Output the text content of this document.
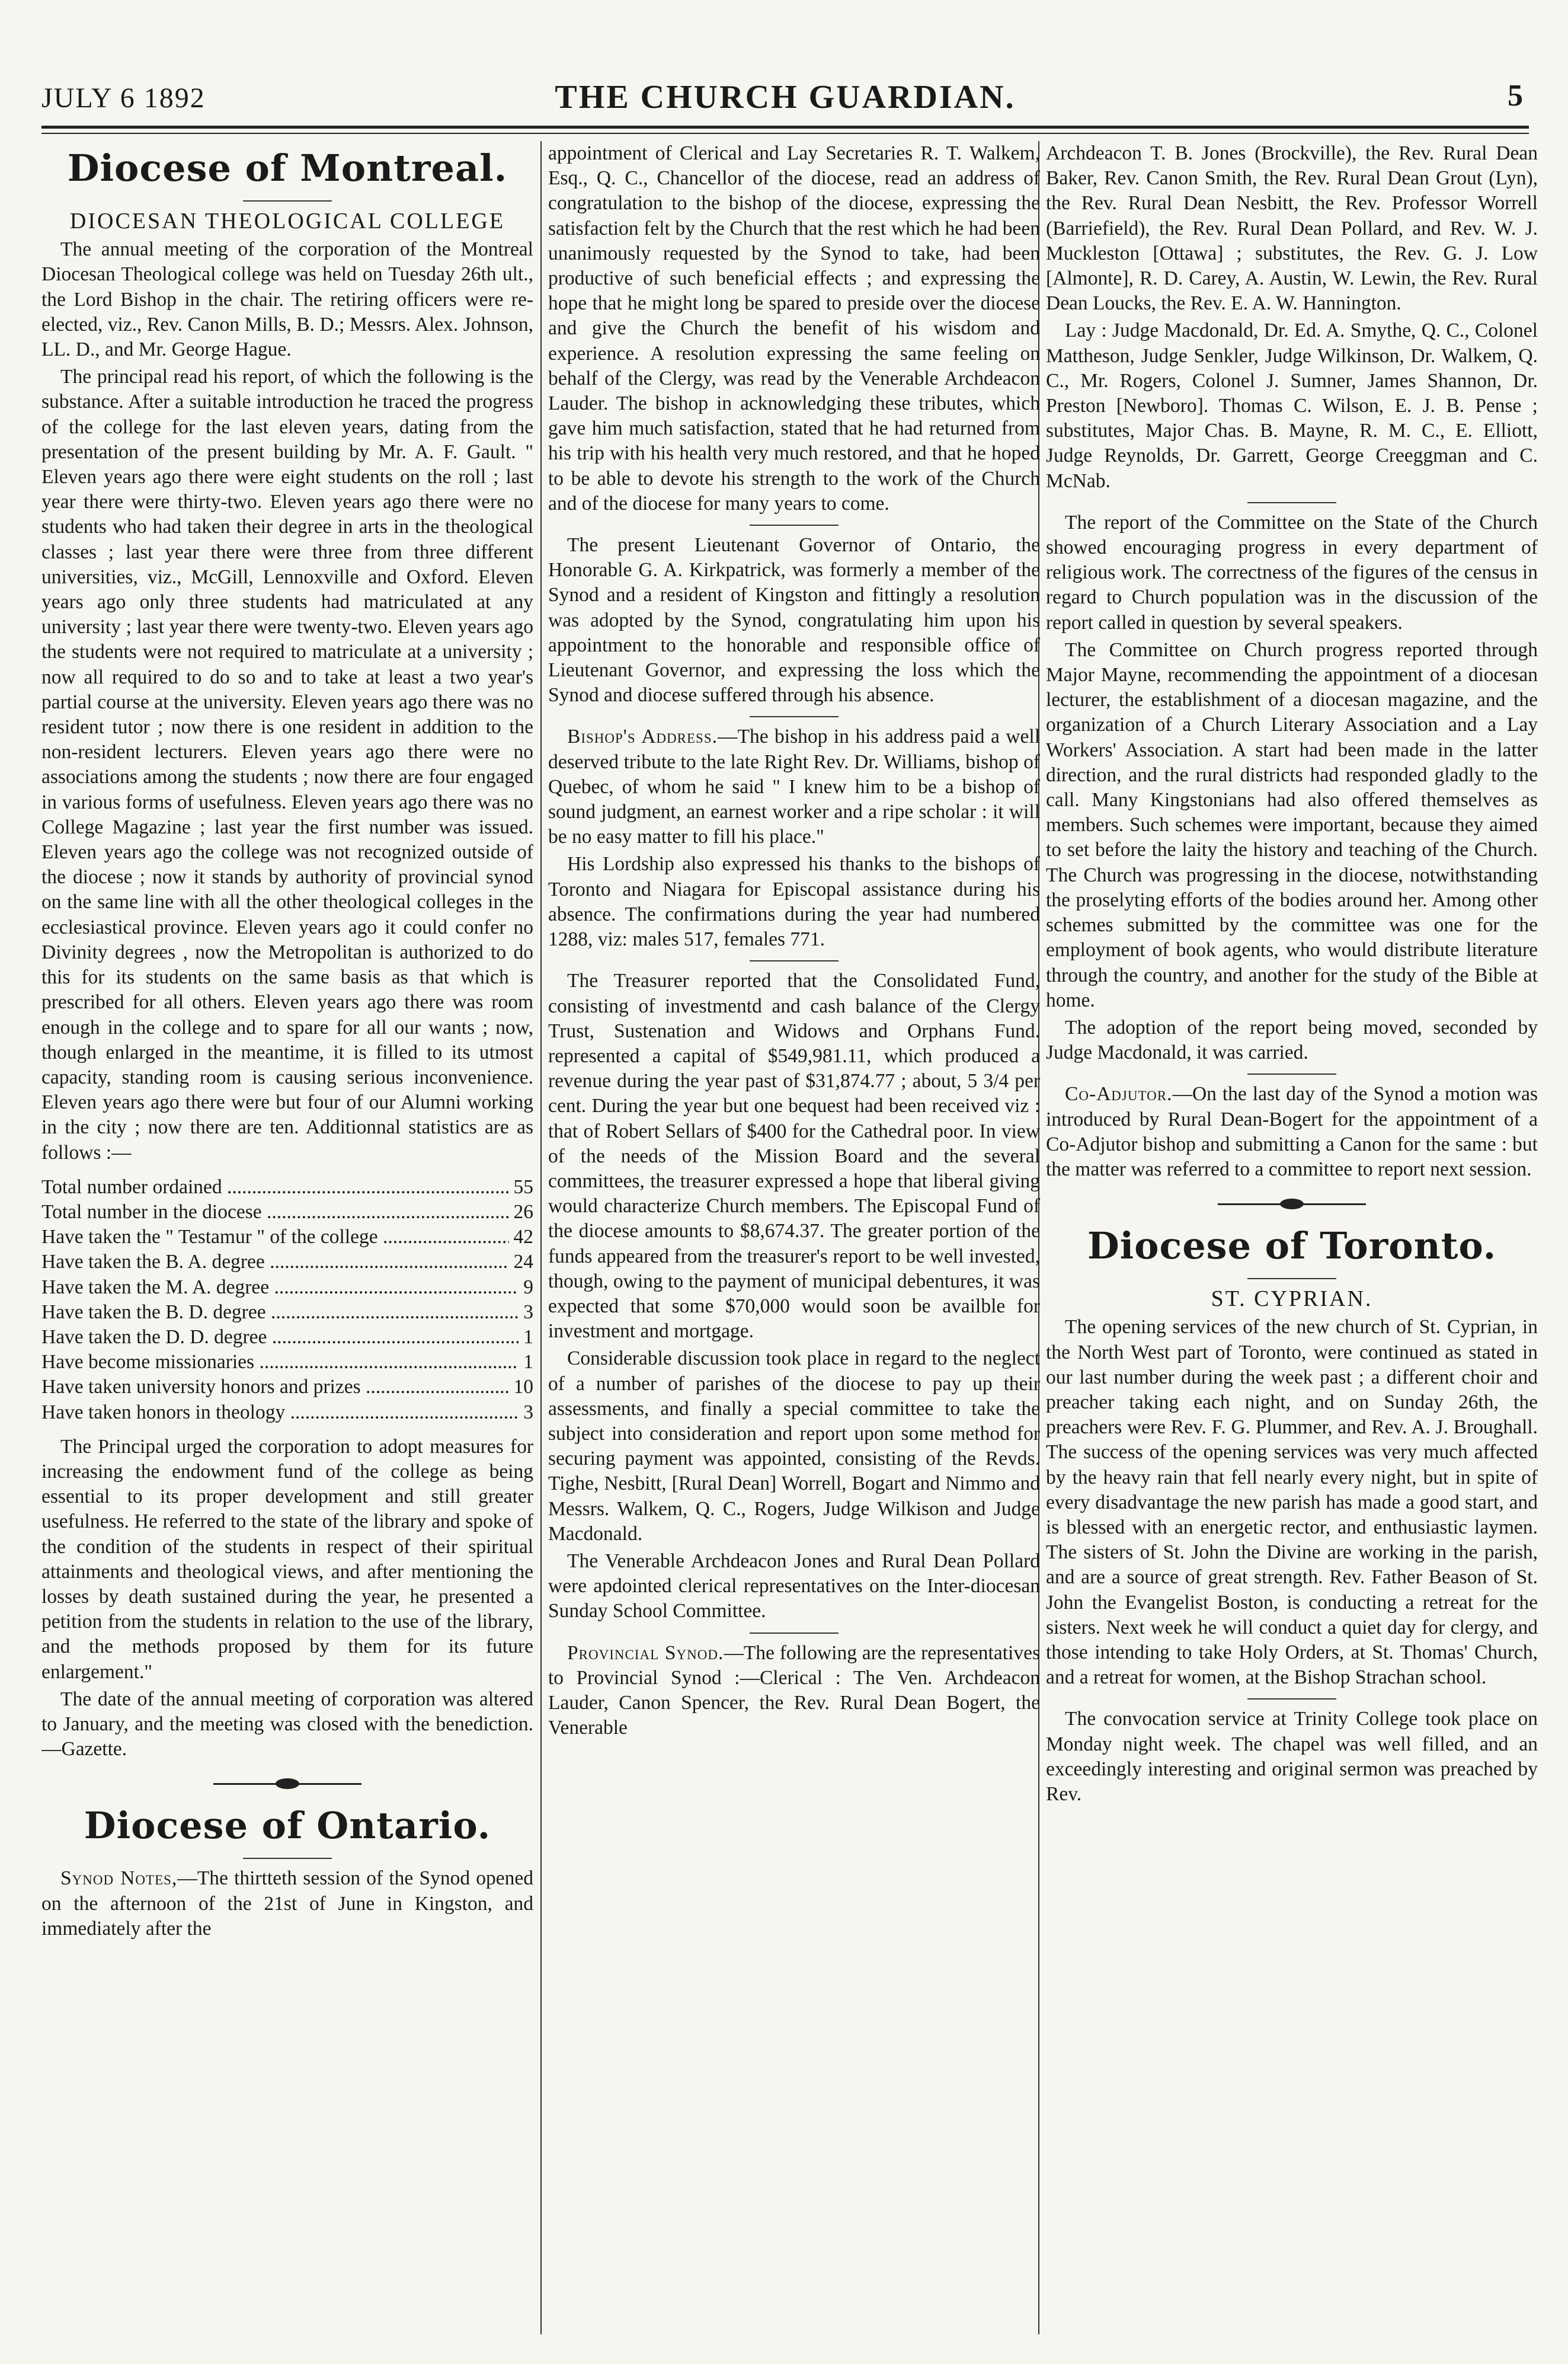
JULY 6 1892	THE CHURCH GUARDIAN.	5
Diocese of Montreal.
DIOCESAN THEOLOGICAL COLLEGE

The annual meeting of the corporation of the Montreal Diocesan Theological college was held on Tuesday 26th ult., the Lord Bishop in the chair. The retiring officers were re-elected, viz., Rev. Canon Mills, B. D.; Messrs. Alex. Johnson, LL. D., and Mr. George Hague.

The principal read his report, of which the following is the substance. After a suitable introduction he traced the progress of the college for the last eleven years, dating from the presentation of the present building by Mr. A. F. Gault. " Eleven years ago there were eight students on the roll ; last year there were thirty-two. Eleven years ago there were no students who had taken their degree in arts in the theological classes ; last year there were three from three different universities, viz., McGill, Lennoxville and Oxford. Eleven years ago only three students had matriculated at any university ; last year there were twenty-two. Eleven years ago the students were not required to matriculate at a university ; now all required to do so and to take at least a two year's partial course at the university. Eleven years ago there was no resident tutor ; now there is one resident in addition to the non-resident lecturers. Eleven years ago there were no associations among the students ; now there are four engaged in various forms of usefulness. Eleven years ago there was no College Magazine ; last year the first number was issued. Eleven years ago the college was not recognized outside of the diocese ; now it stands by authority of provincial synod on the same line with all the other theological colleges in the ecclesiastical province. Eleven years ago it could confer no Divinity degrees , now the Metropolitan is authorized to do this for its students on the same basis as that which is prescribed for all others. Eleven years ago there was room enough in the college and to spare for all our wants ; now, though enlarged in the meantime, it is filled to its utmost capacity, standing room is causing serious inconvenience. Eleven years ago there were but four of our Alumni working in the city ; now there are ten. Additionnal statistics are as follows :—

Total number ordained .....	55
Total number in the diocese .....	26
Have taken the " Testamur " of the college .....	42
Have taken the B. A. degree .....	24
Have taken the M. A. degree .....	9
Have taken the B. D. degree .....	3
Have taken the D. D. degree .....	1
Have become missionaries .....	1
Have taken university honors and prizes .....	10
Have taken honors in theology .....	3

The Principal urged the corporation to adopt measures for increasing the endowment fund of the college as being essential to its proper development and still greater usefulness. He referred to the state of the library and spoke of the condition of the students in respect of their spiritual attainments and theological views, and after mentioning the losses by death sustained during the year, he presented a petition from the students in relation to the use of the library, and the methods proposed by them for its future enlargement."

The date of the annual meeting of corporation was altered to January, and the meeting was closed with the benediction.—Gazette.

Diocese of Ontario.

Synod Notes,—The thirtteth session of the Synod opened on the afternoon of the 21st of June in Kingston, and immediately after the

appointment of Clerical and Lay Secretaries R. T. Walkem, Esq., Q. C., Chancellor of the diocese, read an address of congratulation to the bishop of the diocese, expressing the satisfaction felt by the Church that the rest which he had been unanimously requested by the Synod to take, had been productive of such beneficial effects ; and expressing the hope that he might long be spared to preside over the diocese and give the Church the benefit of his wisdom and experience. A resolution expressing the same feeling on behalf of the Clergy, was read by the Venerable Archdeacon Lauder. The bishop in acknowledging these tributes, which gave him much satisfaction, stated that he had returned from his trip with his health very much restored, and that he hoped to be able to devote his strength to the work of the Church and of the diocese for many years to come.

The present Lieutenant Governor of Ontario, the Honorable G. A. Kirkpatrick, was formerly a member of the Synod and a resident of Kingston and fittingly a resolution was adopted by the Synod, congratulating him upon his appointment to the honorable and responsible office of Lieutenant Governor, and expressing the loss which the Synod and diocese suffered through his absence.

Bishop's Address.—The bishop in his address paid a well deserved tribute to the late Right Rev. Dr. Williams, bishop of Quebec, of whom he said " I knew him to be a bishop of sound judgment, an earnest worker and a ripe scholar : it will be no easy matter to fill his place."

His Lordship also expressed his thanks to the bishops of Toronto and Niagara for Episcopal assistance during his absence. The confirmations during the year had numbered 1288, viz: males 517, females 771.

The Treasurer reported that the Consolidated Fund, consisting of investmentd and cash balance of the Clergy Trust, Sustenation and Widows and Orphans Fund. represented a capital of $549,981.11, which produced a revenue during the year past of $31,874.77 ; about, 5 3/4 per cent. During the year but one bequest had been received viz : that of Robert Sellars of $400 for the Cathedral poor. In view of the needs of the Mission Board and the several committees, the treasurer expressed a hope that liberal giving would characterize Church members. The Episcopal Fund of the diocese amounts to $8,674.37. The greater portion of the funds appeared from the treasurer's report to be well invested, though, owing to the payment of municipal debentures, it was expected that some $70,000 would soon be availble for investment and mortgage.

Considerable discussion took place in regard to the neglect of a number of parishes of the diocese to pay up their assessments, and finally a special committee to take the subject into consideration and report upon some method for securing payment was appointed, consisting of the Revds. Tighe, Nesbitt, [Rural Dean] Worrell, Bogart and Nimmo and Messrs. Walkem, Q. C., Rogers, Judge Wilkison and Judge Macdonald.

The Venerable Archdeacon Jones and Rural Dean Pollard were apdointed clerical representatives on the Inter-diocesan Sunday School Committee.

Provincial Synod.—The following are the representatives to Provincial Synod :—Clerical : The Ven. Archdeacon Lauder, Canon Spencer, the Rev. Rural Dean Bogert, the Venerable

Archdeacon T. B. Jones (Brockville), the Rev. Rural Dean Baker, Rev. Canon Smith, the Rev. Rural Dean Grout (Lyn), the Rev. Rural Dean Nesbitt, the Rev. Professor Worrell (Barriefield), the Rev. Rural Dean Pollard, and Rev. W. J. Muckleston [Ottawa] ; substitutes, the Rev. G. J. Low [Almonte], R. D. Carey, A. Austin, W. Lewin, the Rev. Rural Dean Loucks, the Rev. E. A. W. Hannington.

Lay : Judge Macdonald, Dr. Ed. A. Smythe, Q. C., Colonel Mattheson, Judge Senkler, Judge Wilkinson, Dr. Walkem, Q. C., Mr. Rogers, Colonel J. Sumner, James Shannon, Dr. Preston [Newboro]. Thomas C. Wilson, E. J. B. Pense ; substitutes, Major Chas. B. Mayne, R. M. C., E. Elliott, Judge Reynolds, Dr. Garrett, George Creeggman and C. McNab.

The report of the Committee on the State of the Church showed encouraging progress in every department of religious work. The correctness of the figures of the census in regard to Church population was in the discussion of the report called in question by several speakers.

The Committee on Church progress reported through Major Mayne, recommending the appointment of a diocesan lecturer, the establishment of a diocesan magazine, and the organization of a Church Literary Association and a Lay Workers' Association. A start had been made in the latter direction, and the rural districts had responded gladly to the call. Many Kingstonians had also offered themselves as members. Such schemes were important, because they aimed to set before the laity the history and teaching of the Church. The Church was progressing in the diocese, notwithstanding the proselyting efforts of the bodies around her. Among other schemes submitted by the committee was one for the employment of book agents, who would distribute literature through the country, and another for the study of the Bible at home.

The adoption of the report being moved, seconded by Judge Macdonald, it was carried.

Co-Adjutor.—On the last day of the Synod a motion was introduced by Rural Dean-Bogert for the appointment of a Co-Adjutor bishop and submitting a Canon for the same : but the matter was referred to a committee to report next session.

Diocese of Toronto.
ST. CYPRIAN.

The opening services of the new church of St. Cyprian, in the North West part of Toronto, were continued as stated in our last number during the week past ; a different choir and preacher taking each night, and on Sunday 26th, the preachers were Rev. F. G. Plummer, and Rev. A. J. Broughall. The success of the opening services was very much affected by the heavy rain that fell nearly every night, but in spite of every disadvantage the new parish has made a good start, and is blessed with an energetic rector, and enthusiastic laymen. The sisters of St. John the Divine are working in the parish, and are a source of great strength. Rev. Father Beason of St. John the Evangelist Boston, is conducting a retreat for the sisters. Next week he will conduct a quiet day for clergy, and those intending to take Holy Orders, at St. Thomas' Church, and a retreat for women, at the Bishop Strachan school.

The convocation service at Trinity College took place on Monday night week. The chapel was well filled, and an exceedingly interesting and original sermon was preached by Rev.
